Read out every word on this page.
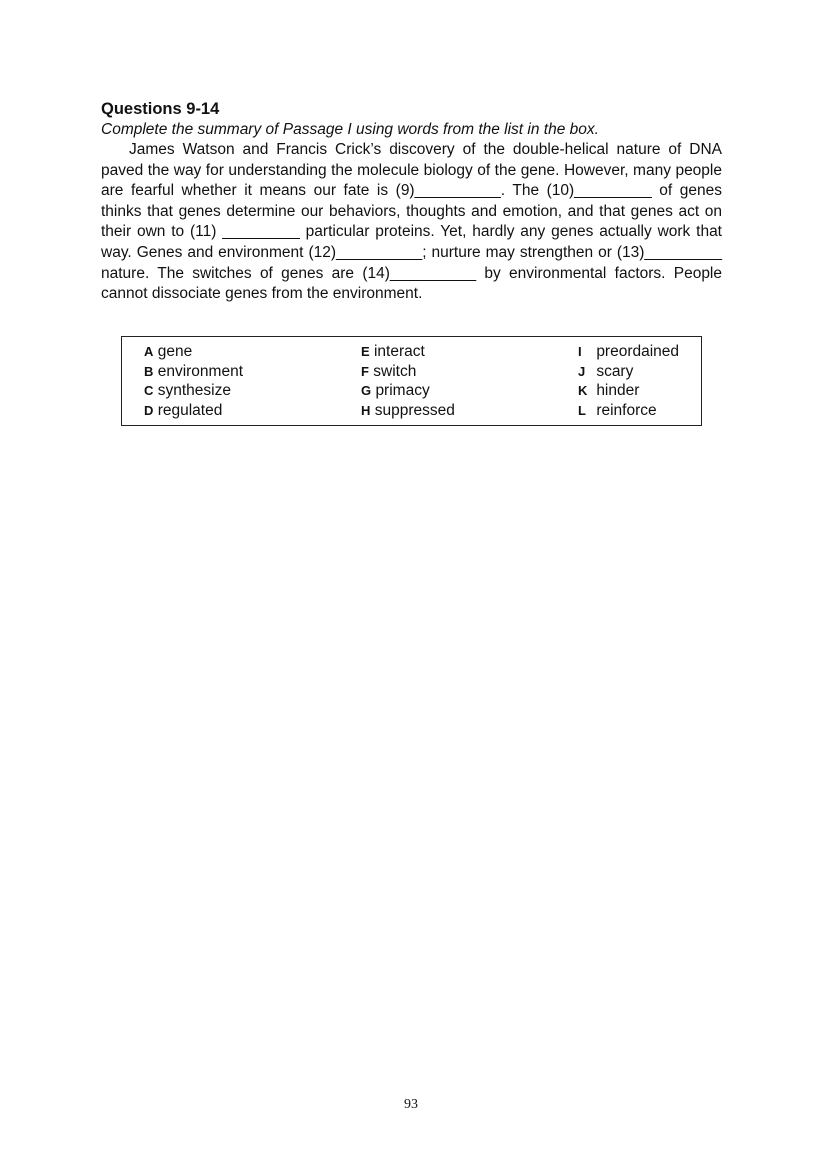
Questions 9-14
Complete the summary of Passage I using words from the list in the box.

James Watson and Francis Crick’s discovery of the double-helical nature of DNA paved the way for understanding the molecule biology of the gene. However, many people are fearful whether it means our fate is (9)__________. The (10)_________ of genes thinks that genes determine our behaviors, thoughts and emotion, and that genes act on their own to (11) _________ particular proteins. Yet, hardly any genes actually work that way. Genes and environment (12)__________; nurture may strengthen or (13)_________ nature. The switches of genes are (14)__________ by environmental factors. People cannot dissociate genes from the environment.

A gene
B environment
C synthesize
D regulated
E interact
F switch
G primacy
H suppressed
I preordained
J scary
K hinder
L reinforce
93
